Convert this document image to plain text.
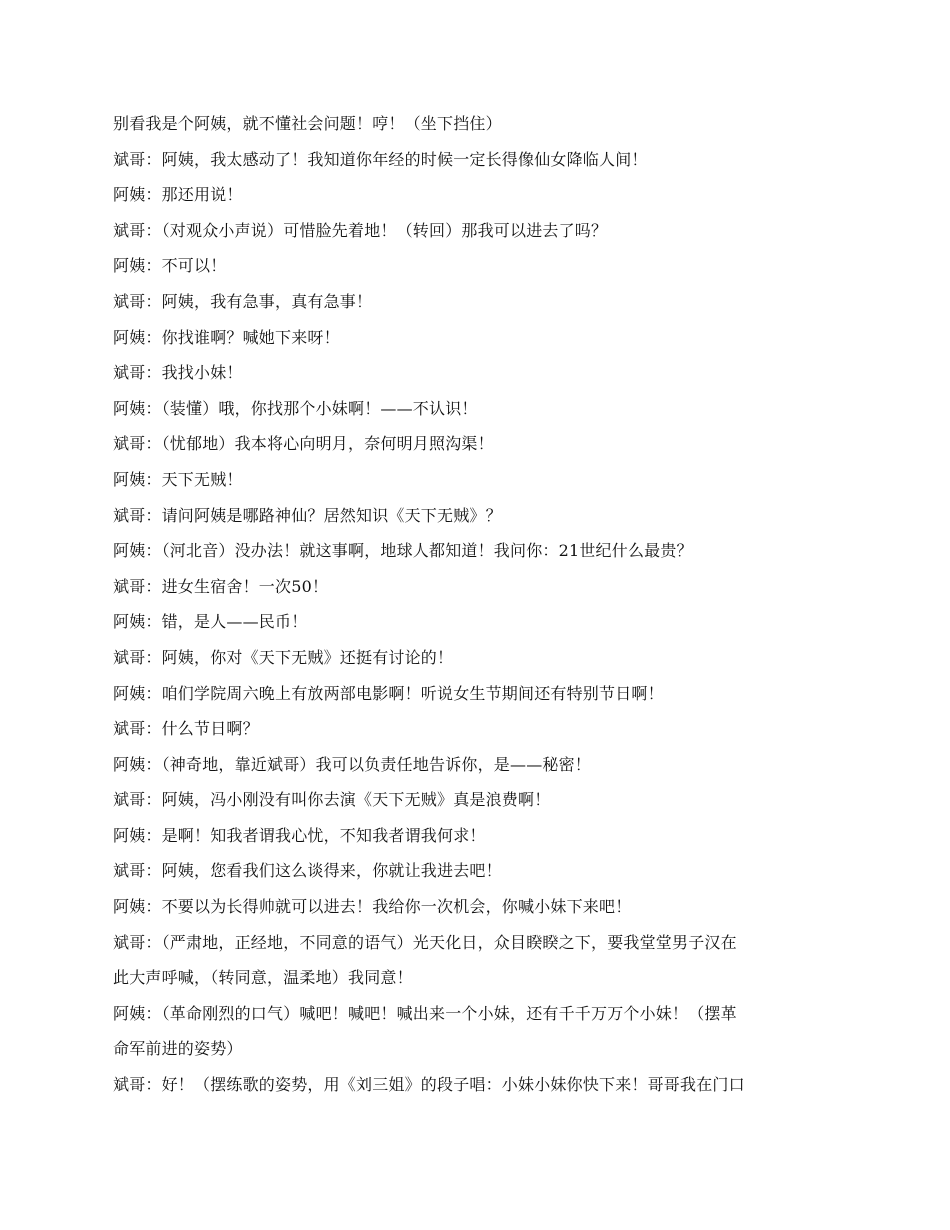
别看我是个阿姨，就不懂社会问题！哼！（坐下挡住）
斌哥：阿姨，我太感动了！我知道你年经的时候一定长得像仙女降临人间！
阿姨：那还用说！
斌哥：（对观众小声说）可惜脸先着地！（转回）那我可以进去了吗？
阿姨：不可以！
斌哥：阿姨，我有急事，真有急事！
阿姨：你找谁啊？喊她下来呀！
斌哥：我找小妹！
阿姨：（装懂）哦，你找那个小妹啊！——不认识！
斌哥：（忧郁地）我本将心向明月，奈何明月照沟渠！
阿姨：天下无贼！
斌哥：请问阿姨是哪路神仙？居然知识《天下无贼》？
阿姨：（河北音）没办法！就这事啊，地球人都知道！我问你：21世纪什么最贵？
斌哥：进女生宿舍！一次50！
阿姨：错，是人——民币！
斌哥：阿姨，你对《天下无贼》还挺有讨论的！
阿姨：咱们学院周六晚上有放两部电影啊！听说女生节期间还有特别节日啊！
斌哥：什么节日啊？
阿姨：（神奇地，靠近斌哥）我可以负责任地告诉你，是——秘密！
斌哥：阿姨，冯小刚没有叫你去演《天下无贼》真是浪费啊！
阿姨：是啊！知我者谓我心忧，不知我者谓我何求！
斌哥：阿姨，您看我们这么谈得来，你就让我进去吧！
阿姨：不要以为长得帅就可以进去！我给你一次机会，你喊小妹下来吧！
斌哥：（严肃地，正经地，不同意的语气）光天化日，众目睽睽之下，要我堂堂男子汉在
此大声呼喊，（转同意，温柔地）我同意！
阿姨：（革命刚烈的口气）喊吧！喊吧！喊出来一个小妹，还有千千万万个小妹！（摆革
命军前进的姿势）
斌哥：好！（摆练歌的姿势，用《刘三姐》的段子唱：小妹小妹你快下来！哥哥我在门口
